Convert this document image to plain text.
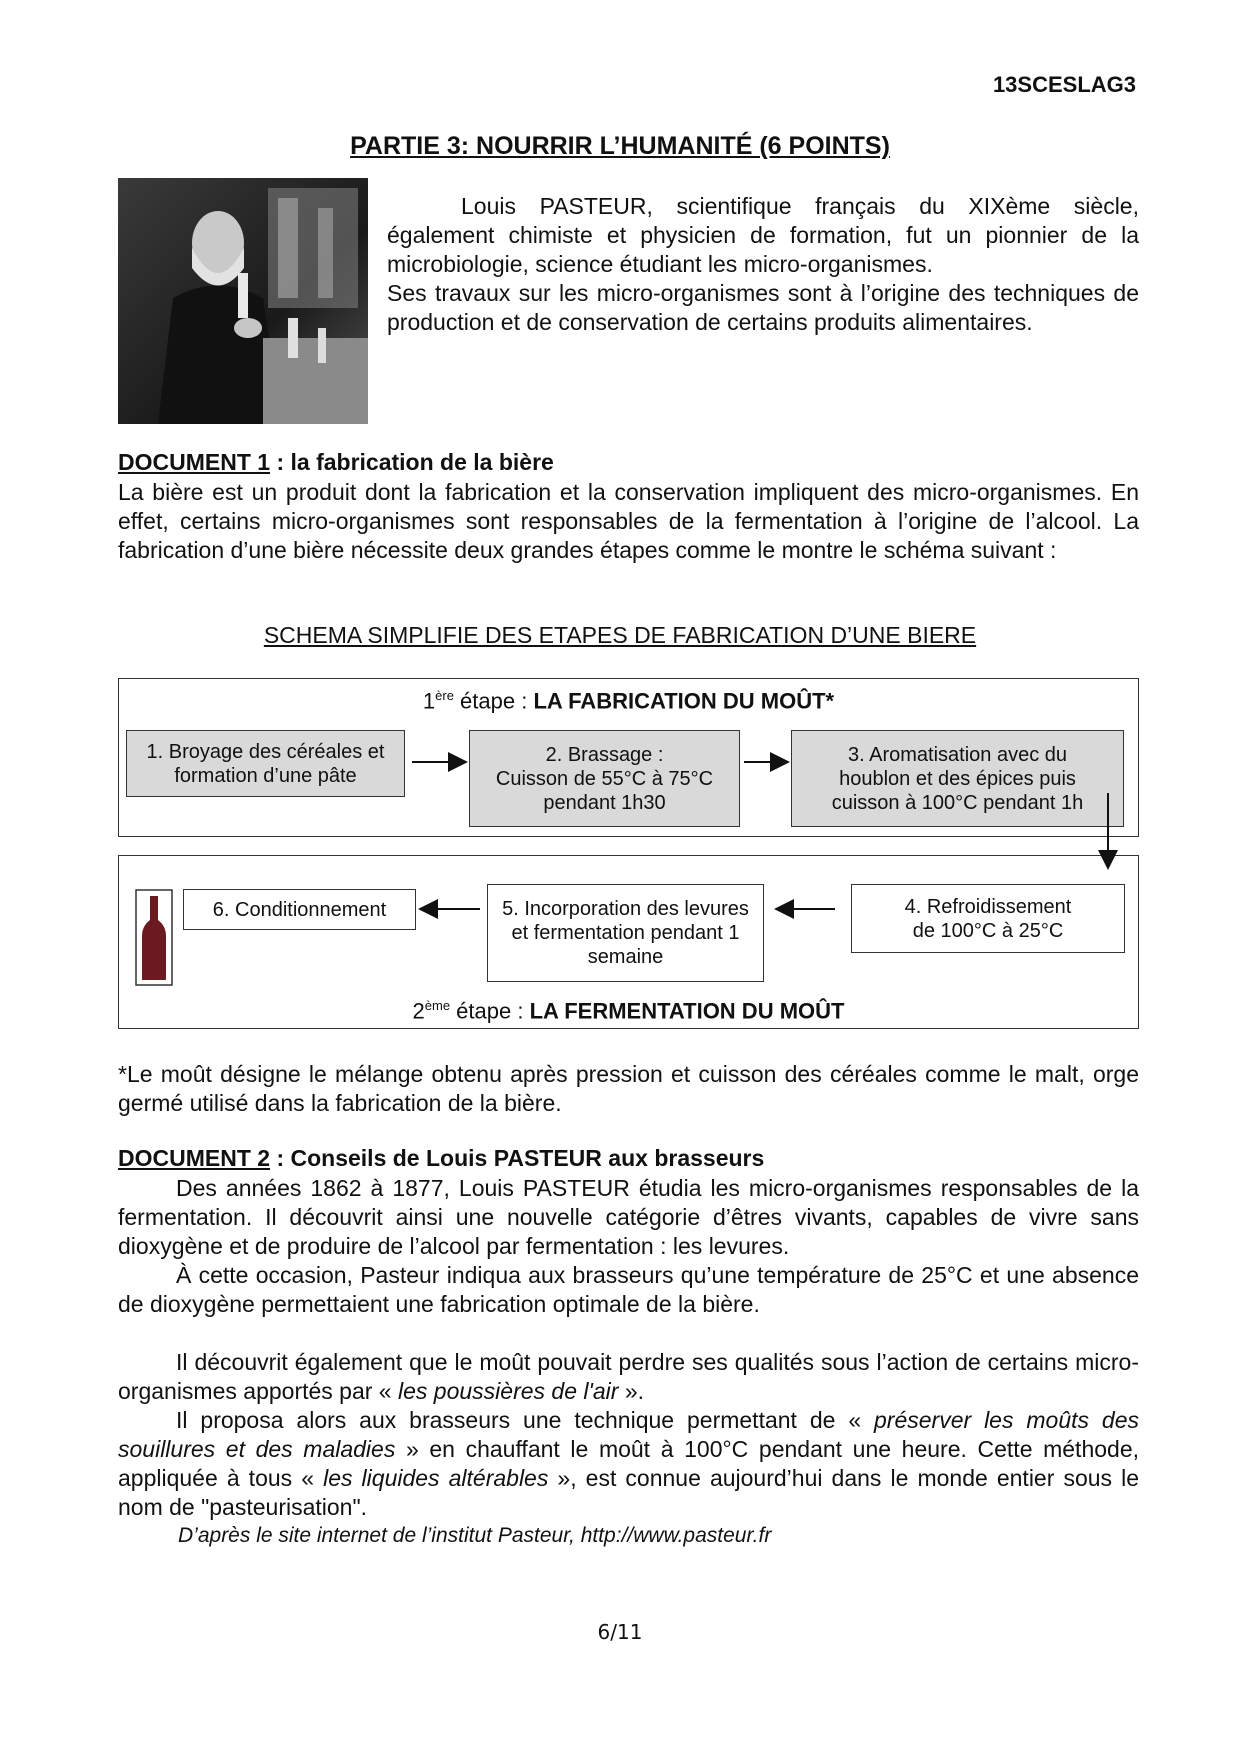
13SCESLAG3
PARTIE 3: NOURRIR L’HUMANITÉ (6 POINTS)

Louis PASTEUR, scientifique français du XIXème siècle, également chimiste et physicien de formation, fut un pionnier de la microbiologie, science étudiant les micro-organismes.

Ses travaux sur les micro-organismes sont à l’origine des techniques de production et de conservation de certains produits alimentaires.

DOCUMENT 1 : la fabrication de la bière

La bière est un produit dont la fabrication et la conservation impliquent des micro-organismes. En effet, certains micro-organismes sont responsables de la fermentation à l’origine de l’alcool. La fabrication d’une bière nécessite deux grandes étapes comme le montre le schéma suivant :

SCHEMA SIMPLIFIE DES ETAPES DE FABRICATION D’UNE BIERE
1ère étape : LA FABRICATION DU MOÛT*
1. Broyage des céréales et formation d’une pâte
2. Brassage :
Cuisson de 55°C à 75°C pendant 1h30
3. Aromatisation avec du houblon et des épices puis cuisson à 100°C pendant 1h
6. Conditionnement	5. Incorporation des levures et fermentation pendant 1 semaine
4. Refroidissement
de 100°C à 25°C
2ème étape : LA FERMENTATION DU MOÛT
*Le moût désigne le mélange obtenu après pression et cuisson des céréales comme le malt, orge germé utilisé dans la fabrication de la bière.
DOCUMENT 2 : Conseils de Louis PASTEUR aux brasseurs

Des années 1862 à 1877, Louis PASTEUR étudia les micro-organismes responsables de la fermentation. Il découvrit ainsi une nouvelle catégorie d’êtres vivants, capables de vivre sans dioxygène et de produire de l’alcool par fermentation : les levures.

À cette occasion, Pasteur indiqua aux brasseurs qu’une température de 25°C et une absence de dioxygène permettaient une fabrication optimale de la bière.

Il découvrit également que le moût pouvait perdre ses qualités sous l’action de certains micro-organismes apportés par « les poussières de l'air ».

Il proposa alors aux brasseurs une technique permettant de « préserver les moûts des souillures et des maladies » en chauffant le moût à 100°C pendant une heure. Cette méthode, appliquée à tous « les liquides altérables », est connue aujourd’hui dans le monde entier sous le nom de "pasteurisation".

D’après le site internet de l’institut Pasteur, http://www.pasteur.fr
6/11
